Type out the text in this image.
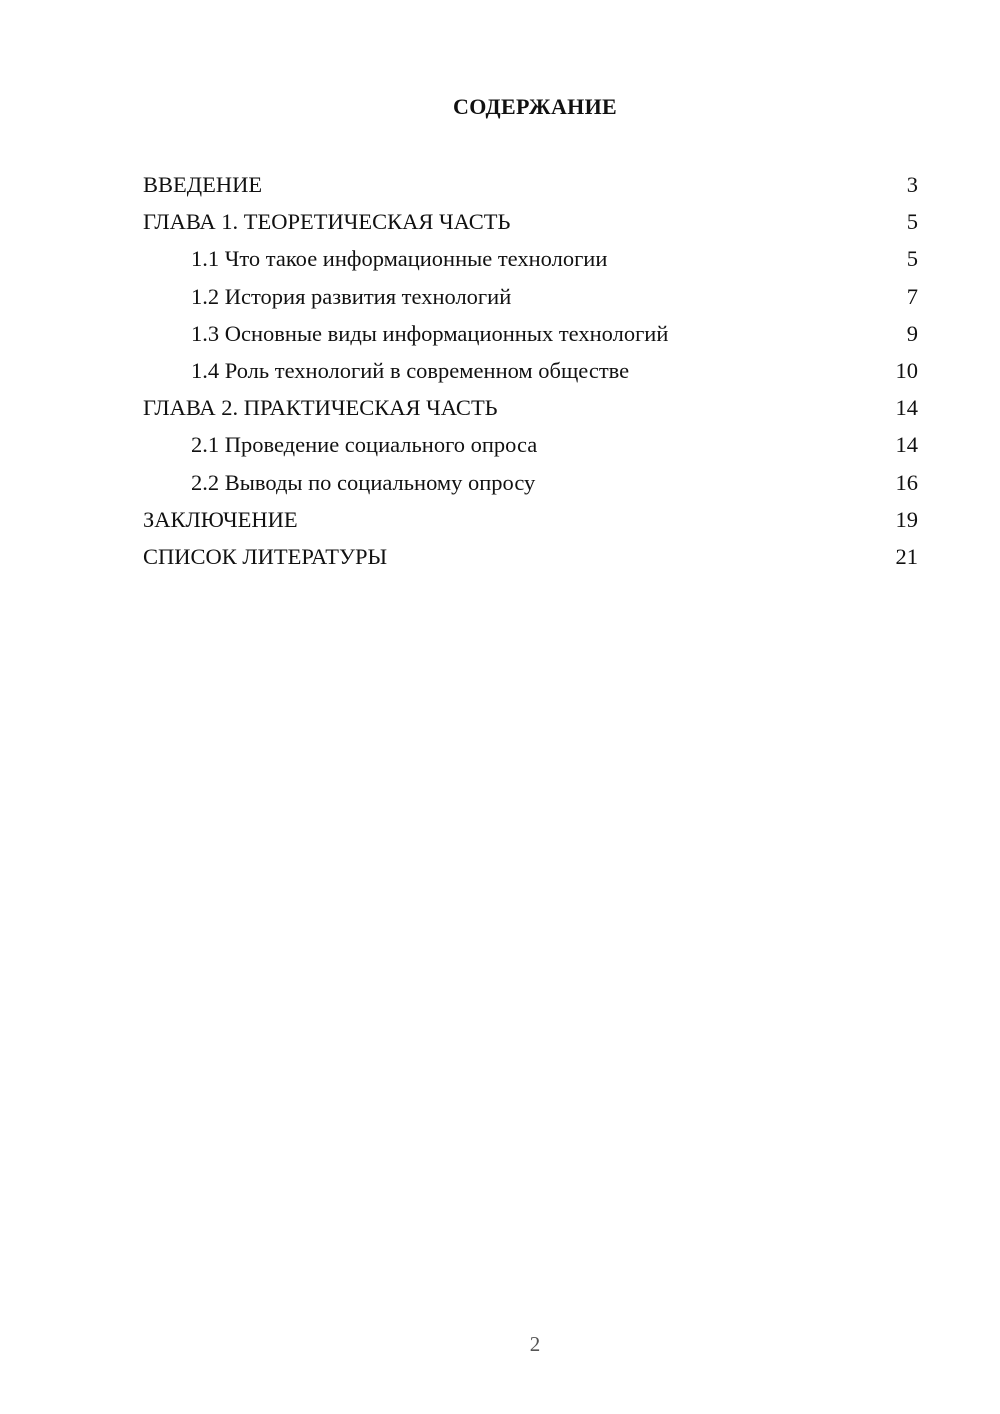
СОДЕРЖАНИЕ
ВВЕДЕНИЕ	3
ГЛАВА 1. ТЕОРЕТИЧЕСКАЯ ЧАСТЬ	5
1.1 Что такое информационные технологии	5
1.2 История развития технологий	7
1.3 Основные виды информационных технологий	9
1.4 Роль технологий в современном обществе	10
ГЛАВА 2. ПРАКТИЧЕСКАЯ ЧАСТЬ	14
2.1 Проведение социального опроса	14
2.2 Выводы по социальному опросу	16
ЗАКЛЮЧЕНИЕ	19
СПИСОК ЛИТЕРАТУРЫ	21
2
